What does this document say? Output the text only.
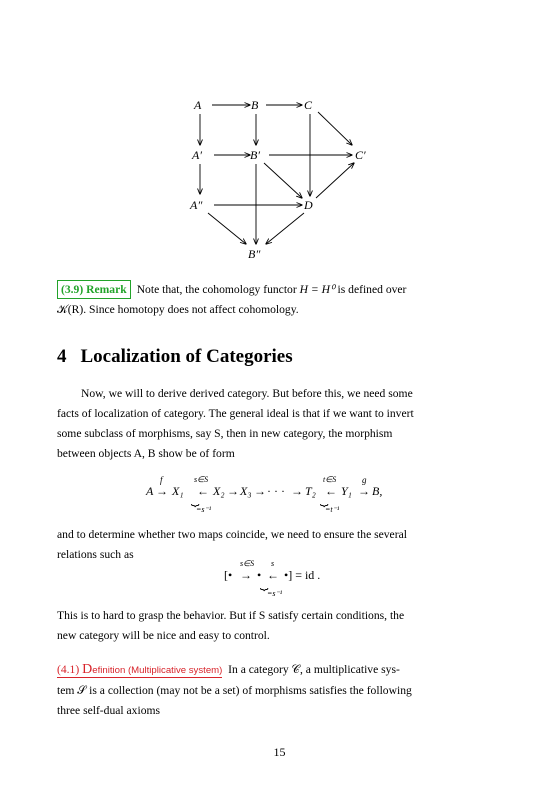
A	B	C
A′	B′	C′
A″	D
B″
(3.9) Remark Note that, the cohomology functor H = H⁰ is defined over
𝒦(R). Since homotopy does not affect cohomology.
4 Localization of Categories
Now, we will to derive derived category. But before this, we need some
facts of localization of category. The general ideal is that if we want to invert
some subclass of morphisms, say S, then in new category, the morphism
between objects A, B show be of form
A
f
→ X₁
s∈S
←
⏟
=s⁻¹
X₂ → X₃ → · · · → T₂
t∈S
←
⏟
=t⁻¹
Y₁
g
→ B,
and to determine whether two maps coincide, we need to ensure the several
relations such as
[•
s∈S
→ •
s
←
⏟
=s⁻¹
•] = id .
This is to hard to grasp the behavior. But if S satisfy certain conditions, the
new category will be nice and easy to control.
(4.1) Definition (Multiplicative system) In a category 𝒞, a multiplicative sys-
tem 𝒮 is a collection (may not be a set) of morphisms satisfies the following
three self-dual axioms
15
